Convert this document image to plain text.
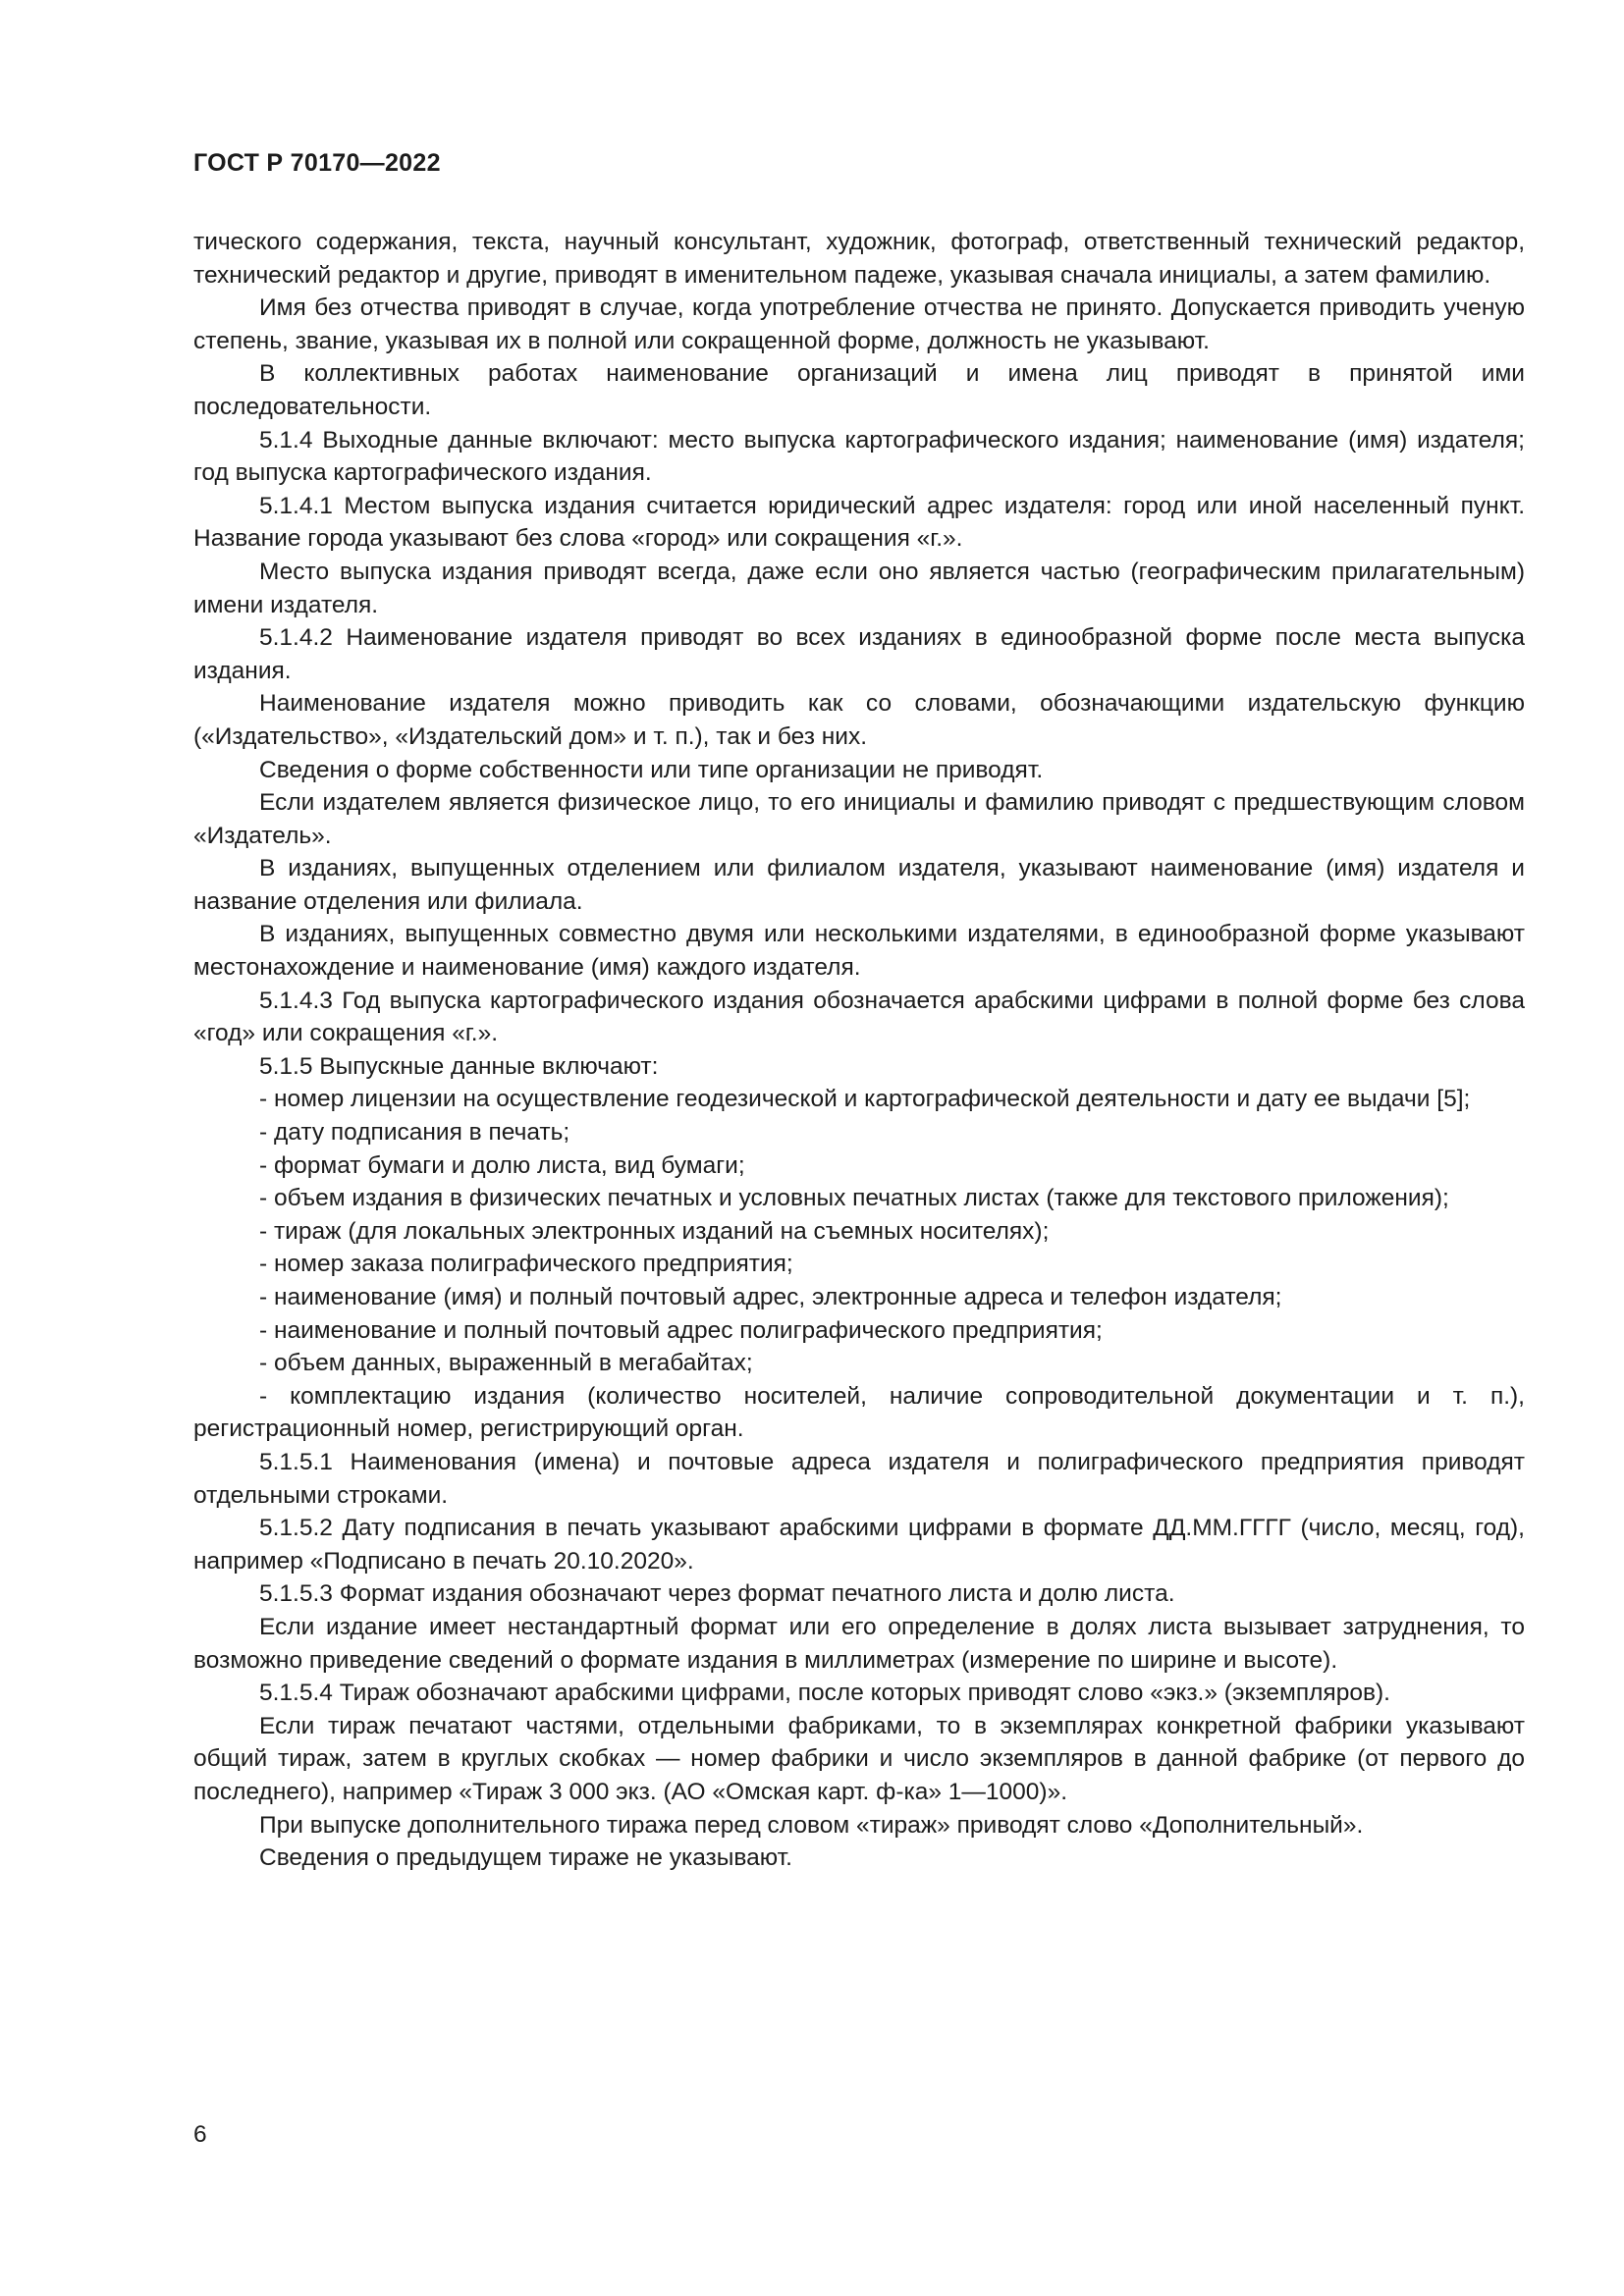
ГОСТ Р 70170—2022

тического содержания, текста, научный консультант, художник, фотограф, ответственный технический редактор, технический редактор и другие, приводят в именительном падеже, указывая сначала инициалы, а затем фамилию.

Имя без отчества приводят в случае, когда употребление отчества не принято. Допускается приводить ученую степень, звание, указывая их в полной или сокращенной форме, должность не указывают.

В коллективных работах наименование организаций и имена лиц приводят в принятой ими последовательности.

5.1.4 Выходные данные включают: место выпуска картографического издания; наименование (имя) издателя; год выпуска картографического издания.

5.1.4.1 Местом выпуска издания считается юридический адрес издателя: город или иной населенный пункт. Название города указывают без слова «город» или сокращения «г.».

Место выпуска издания приводят всегда, даже если оно является частью (географическим прилагательным) имени издателя.

5.1.4.2 Наименование издателя приводят во всех изданиях в единообразной форме после места выпуска издания.

Наименование издателя можно приводить как со словами, обозначающими издательскую функцию («Издательство», «Издательский дом» и т. п.), так и без них.

Сведения о форме собственности или типе организации не приводят.

Если издателем является физическое лицо, то его инициалы и фамилию приводят с предшествующим словом «Издатель».

В изданиях, выпущенных отделением или филиалом издателя, указывают наименование (имя) издателя и название отделения или филиала.

В изданиях, выпущенных совместно двумя или несколькими издателями, в единообразной форме указывают местонахождение и наименование (имя) каждого издателя.

5.1.4.3 Год выпуска картографического издания обозначается арабскими цифрами в полной форме без слова «год» или сокращения «г.».

5.1.5 Выпускные данные включают:

- номер лицензии на осуществление геодезической и картографической деятельности и дату ее выдачи [5];

- дату подписания в печать;

- формат бумаги и долю листа, вид бумаги;

- объем издания в физических печатных и условных печатных листах (также для текстового приложения);

- тираж (для локальных электронных изданий на съемных носителях);

- номер заказа полиграфического предприятия;

- наименование (имя) и полный почтовый адрес, электронные адреса и телефон издателя;

- наименование и полный почтовый адрес полиграфического предприятия;

- объем данных, выраженный в мегабайтах;

- комплектацию издания (количество носителей, наличие сопроводительной документации и т. п.), регистрационный номер, регистрирующий орган.

5.1.5.1 Наименования (имена) и почтовые адреса издателя и полиграфического предприятия приводят отдельными строками.

5.1.5.2 Дату подписания в печать указывают арабскими цифрами в формате ДД.ММ.ГГГГ (число, месяц, год), например «Подписано в печать 20.10.2020».

5.1.5.3 Формат издания обозначают через формат печатного листа и долю листа.

Если издание имеет нестандартный формат или его определение в долях листа вызывает затруднения, то возможно приведение сведений о формате издания в миллиметрах (измерение по ширине и высоте).

5.1.5.4 Тираж обозначают арабскими цифрами, после которых приводят слово «экз.» (экземпляров).

Если тираж печатают частями, отдельными фабриками, то в экземплярах конкретной фабрики указывают общий тираж, затем в круглых скобках — номер фабрики и число экземпляров в данной фабрике (от первого до последнего), например «Тираж 3 000 экз. (АО «Омская карт. ф-ка» 1—1000)».

При выпуске дополнительного тиража перед словом «тираж» приводят слово «Дополнительный».

Сведения о предыдущем тираже не указывают.

6
